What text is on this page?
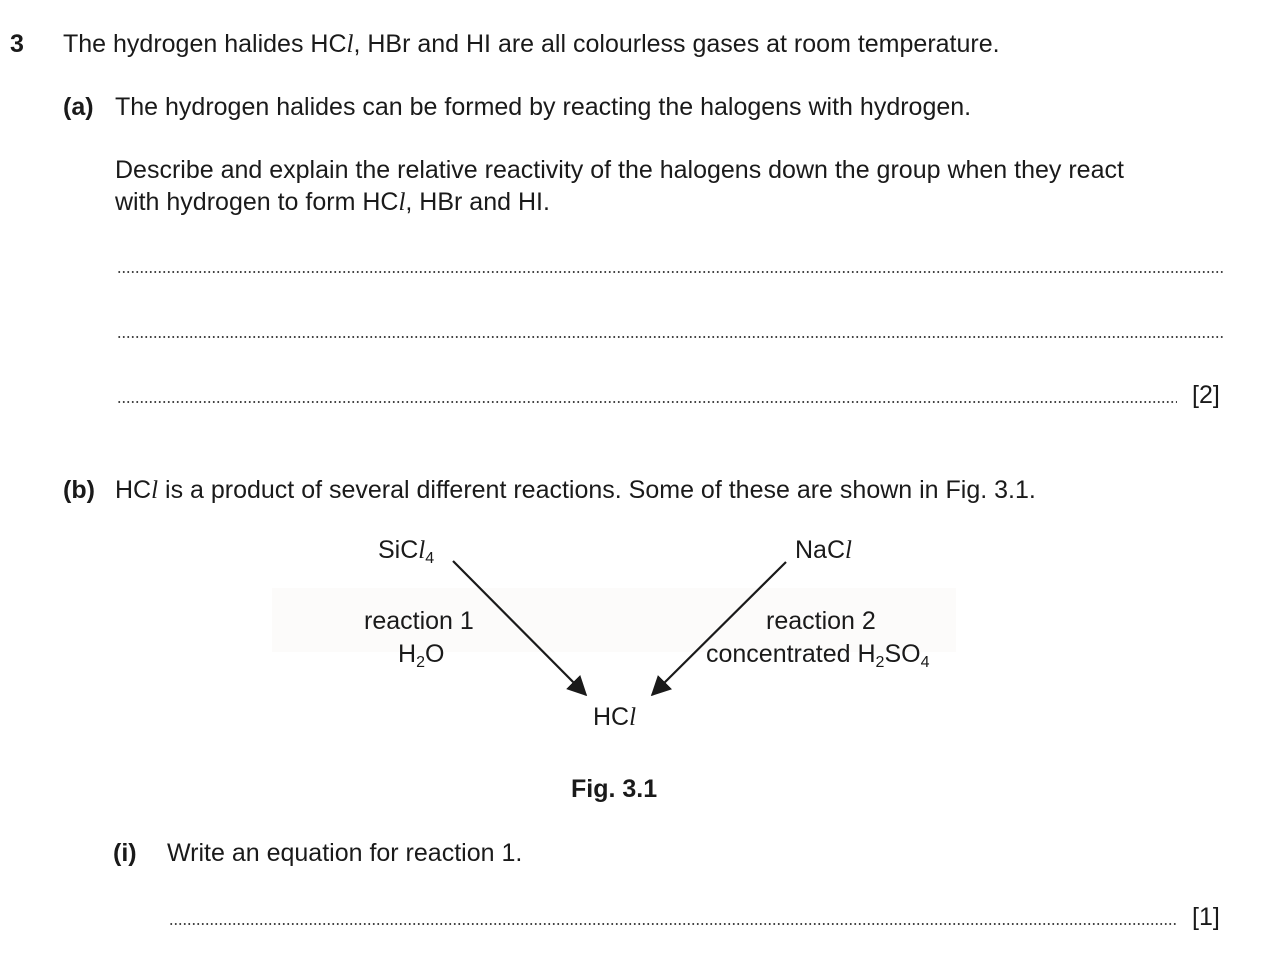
3 The hydrogen halides HCl, HBr and HI are all colourless gases at room temperature.
(a) The hydrogen halides can be formed by reacting the halogens with hydrogen.
Describe and explain the relative reactivity of the halogens down the group when they react
with hydrogen to form HCl, HBr and HI.
[2]
(b) HCl is a product of several different reactions. Some of these are shown in Fig. 3.1.
SiCl$_4$	NaCl
reaction 1
$H_2O$
reaction 2
concentrated $H_2SO_4$
HCl
Fig. 3.1
(i) Write an equation for reaction 1.
[1]
